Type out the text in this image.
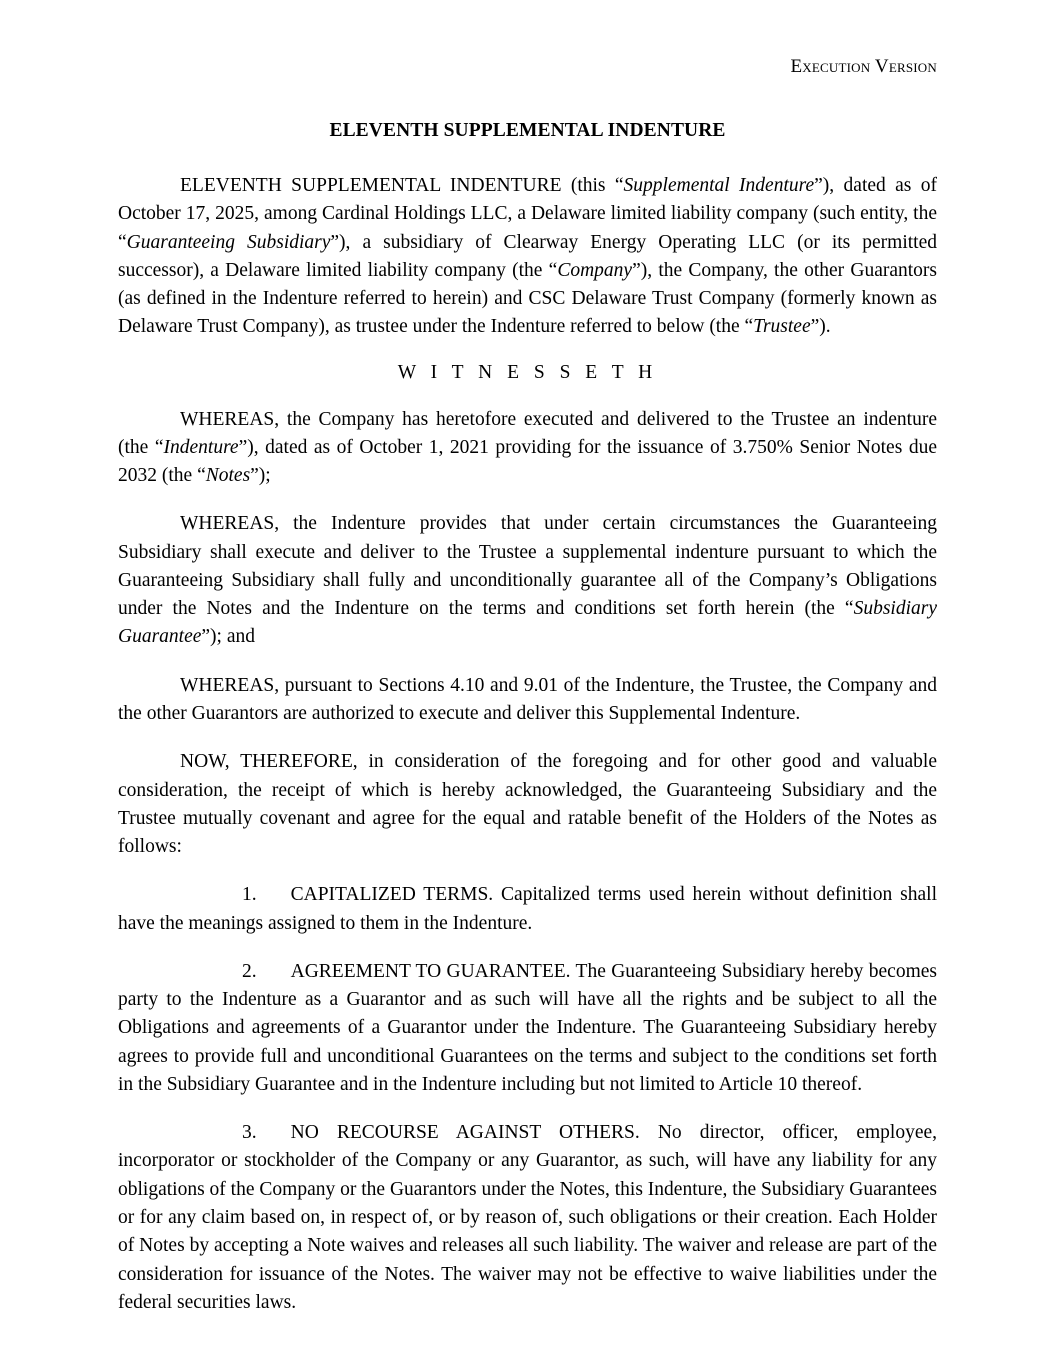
Execution Version
ELEVENTH SUPPLEMENTAL INDENTURE

ELEVENTH SUPPLEMENTAL INDENTURE (this “Supplemental Indenture”), dated as of October 17, 2025, among Cardinal Holdings LLC, a Delaware limited liability company (such entity, the “Guaranteeing Subsidiary”), a subsidiary of Clearway Energy Operating LLC (or its permitted successor), a Delaware limited liability company (the “Company”), the Company, the other Guarantors (as defined in the Indenture referred to herein) and CSC Delaware Trust Company (formerly known as Delaware Trust Company), as trustee under the Indenture referred to below (the “Trustee”).

W I T N E S S E T H

WHEREAS, the Company has heretofore executed and delivered to the Trustee an indenture (the “Indenture”), dated as of October 1, 2021 providing for the issuance of 3.750% Senior Notes due 2032 (the “Notes”);

WHEREAS, the Indenture provides that under certain circumstances the Guaranteeing Subsidiary shall execute and deliver to the Trustee a supplemental indenture pursuant to which the Guaranteeing Subsidiary shall fully and unconditionally guarantee all of the Company’s Obligations under the Notes and the Indenture on the terms and conditions set forth herein (the “Subsidiary Guarantee”); and

WHEREAS, pursuant to Sections 4.10 and 9.01 of the Indenture, the Trustee, the Company and the other Guarantors are authorized to execute and deliver this Supplemental Indenture.

NOW, THEREFORE, in consideration of the foregoing and for other good and valuable consideration, the receipt of which is hereby acknowledged, the Guaranteeing Subsidiary and the Trustee mutually covenant and agree for the equal and ratable benefit of the Holders of the Notes as follows:

1. CAPITALIZED TERMS. Capitalized terms used herein without definition shall have the meanings assigned to them in the Indenture.

2. AGREEMENT TO GUARANTEE. The Guaranteeing Subsidiary hereby becomes party to the Indenture as a Guarantor and as such will have all the rights and be subject to all the Obligations and agreements of a Guarantor under the Indenture. The Guaranteeing Subsidiary hereby agrees to provide full and unconditional Guarantees on the terms and subject to the conditions set forth in the Subsidiary Guarantee and in the Indenture including but not limited to Article 10 thereof.

3. NO RECOURSE AGAINST OTHERS. No director, officer, employee, incorporator or stockholder of the Company or any Guarantor, as such, will have any liability for any obligations of the Company or the Guarantors under the Notes, this Indenture, the Subsidiary Guarantees or for any claim based on, in respect of, or by reason of, such obligations or their creation. Each Holder of Notes by accepting a Note waives and releases all such liability. The waiver and release are part of the consideration for issuance of the Notes. The waiver may not be effective to waive liabilities under the federal securities laws.
